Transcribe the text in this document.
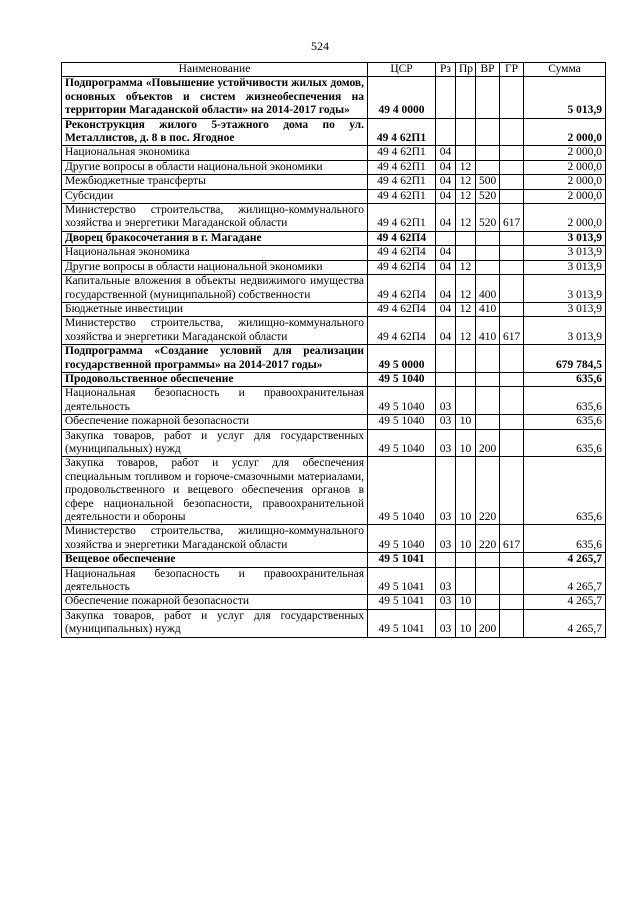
524
Наименование	ЦСР	Рз	Пр	ВР	ГР	Сумма
Подпрограмма «Повышение устойчивости жилых домов, основных объектов и систем жизнеобеспечения на территории Магаданской области» на 2014-2017 годы»	49 4 0000					5 013,9
Реконструкция жилого 5-этажного дома по ул. Металлистов, д. 8 в пос. Ягодное	49 4 62П1					2 000,0
Национальная экономика	49 4 62П1	04				2 000,0
Другие вопросы в области национальной экономики	49 4 62П1	04	12			2 000,0
Межбюджетные трансферты	49 4 62П1	04	12	500		2 000,0
Субсидии	49 4 62П1	04	12	520		2 000,0
Министерство строительства, жилищно-коммунального хозяйства и энергетики Магаданской области	49 4 62П1	04	12	520	617	2 000,0
Дворец бракосочетания в г. Магадане	49 4 62П4					3 013,9
Национальная экономика	49 4 62П4	04				3 013,9
Другие вопросы в области национальной экономики	49 4 62П4	04	12			3 013,9
Капитальные вложения в объекты недвижимого имущества государственной (муниципальной) собственности	49 4 62П4	04	12	400		3 013,9
Бюджетные инвестиции	49 4 62П4	04	12	410		3 013,9
Министерство строительства, жилищно-коммунального хозяйства и энергетики Магаданской области	49 4 62П4	04	12	410	617	3 013,9
Подпрограмма «Создание условий для реализации государственной программы» на 2014-2017 годы»	49 5 0000					679 784,5
Продовольственное обеспечение	49 5 1040					635,6
Национальная безопасность и правоохранительная деятельность	49 5 1040	03				635,6
Обеспечение пожарной безопасности	49 5 1040	03	10			635,6
Закупка товаров, работ и услуг для государственных (муниципальных) нужд	49 5 1040	03	10	200		635,6
Закупка товаров, работ и услуг для обеспечения специальным топливом и горюче-смазочными материалами, продовольственного и вещевого обеспечения органов в сфере национальной безопасности, правоохранительной деятельности и обороны	49 5 1040	03	10	220		635,6
Министерство строительства, жилищно-коммунального хозяйства и энергетики Магаданской области	49 5 1040	03	10	220	617	635,6
Вещевое обеспечение	49 5 1041					4 265,7
Национальная безопасность и правоохранительная деятельность	49 5 1041	03				4 265,7
Обеспечение пожарной безопасности	49 5 1041	03	10			4 265,7
Закупка товаров, работ и услуг для государственных (муниципальных) нужд	49 5 1041	03	10	200		4 265,7
